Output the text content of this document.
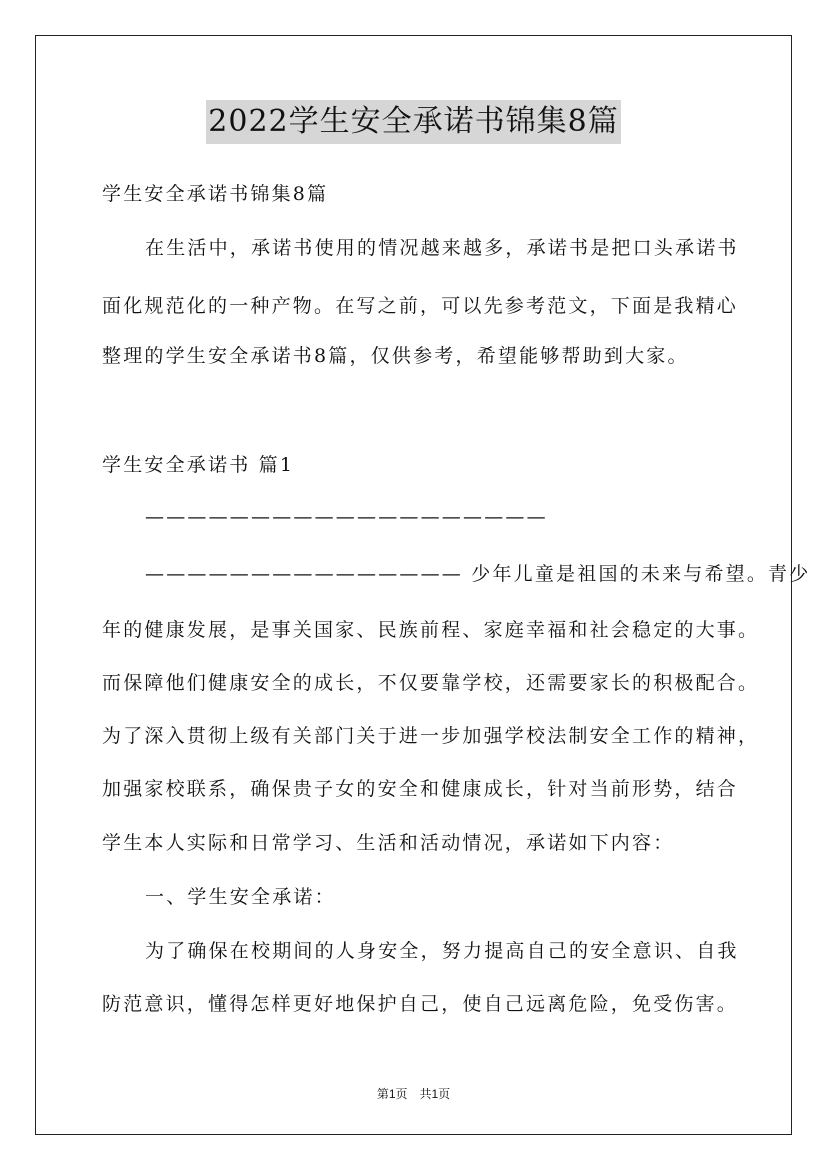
2022学生安全承诺书锦集8篇
学生安全承诺书锦集8篇
在生活中，承诺书使用的情况越来越多，承诺书是把口头承诺书
面化规范化的一种产物。在写之前，可以先参考范文，下面是我精心
整理的学生安全承诺书8篇，仅供参考，希望能够帮助到大家。
学生安全承诺书 篇1
———————————————————
——————————————— 少年儿童是祖国的未来与希望。青少
年的健康发展，是事关国家、民族前程、家庭幸福和社会稳定的大事。
而保障他们健康安全的成长，不仅要靠学校，还需要家长的积极配合。
为了深入贯彻上级有关部门关于进一步加强学校法制安全工作的精神，
加强家校联系，确保贵子女的安全和健康成长，针对当前形势，结合
学生本人实际和日常学习、生活和活动情况，承诺如下内容：
一、学生安全承诺：
为了确保在校期间的人身安全，努力提高自己的安全意识、自我
防范意识，懂得怎样更好地保护自己，使自己远离危险，免受伤害。
第1页　共1页
